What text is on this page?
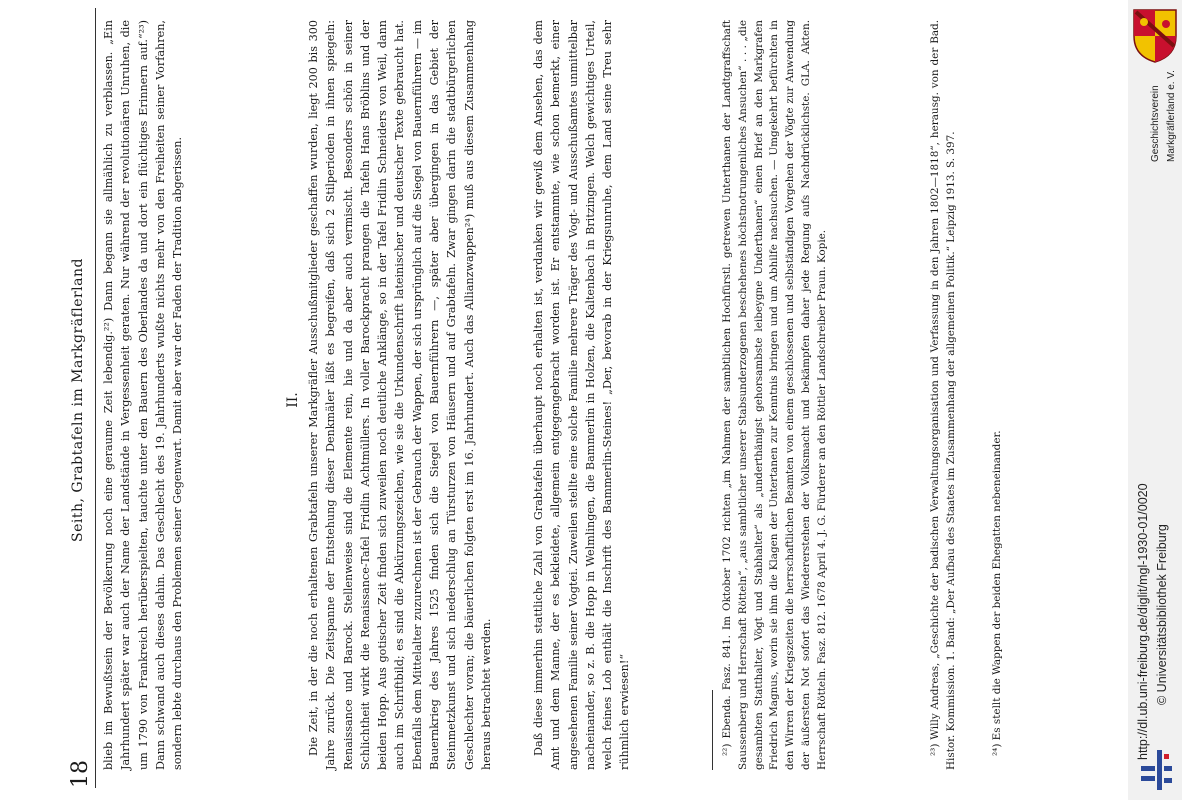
18
Seith, Grabtafeln im Markgräflerland blieb im Bewußtsein der Bevölkerung noch eine geraume Zeit lebendig.²²) Dann begann sie allmählich zu verblassen. „Ein Jahrhundert später war auch der Name der Landstände in Vergessenheit geraten. Nur während der revolutionären Unruhen, die um 1790 von Frankreich herüberspielten, tauchte unter den Bauern des Oberlandes da und dort ein flüchtiges Erinnern auf.“²³) Dann schwand auch dieses dahin. Das Geschlecht des 19. Jahrhunderts wußte nichts mehr von den Freiheiten seiner Vorfahren, sondern lebte durchaus den Problemen seiner Gegenwart. Damit aber war der Faden der Tradition abgerissen.	II. Die Zeit, in der die noch erhaltenen Grabtafeln unserer Markgräfler Ausschußmitglieder geschaffen wurden, liegt 200 bis 300 Jahre zurück. Die Zeitspanne der Entstehung dieser Denkmäler läßt es begreifen, daß sich 2 Stilperioden in ihnen spiegeln: Renaissance und Barock. Stellenweise sind die Elemente rein, hie und da aber auch vermischt. Besonders schön in seiner Schlichtheit wirkt die Renaissance-Tafel Fridlin Achtmüllers. In voller Barockpracht prangen die Tafeln Hans Bröblins und der beiden Hopp. Aus gotischer Zeit finden sich zuweilen noch deutliche Anklänge, so in der Tafel Fridlin Schneiders von Weil, dann auch im Schriftbild; es sind die Abkürzungszeichen, wie sie die Urkundenschrift lateinischer und deutscher Texte gebraucht hat. Ebenfalls dem Mittelalter zuzurechnen ist der Gebrauch der Wappen, der sich ursprünglich auf die Siegel von Bauernführern — im Bauernkrieg des Jahres 1525 finden sich die Siegel von Bauernführern —, später aber übergingen in das Gebiet der Steinmetzkunst und sich niederschlug an Türsturzen von Häusern und auf Grabtafeln. Zwar gingen darin die stadtbürgerlichen Geschlechter voran; die bäuerlichen folgten erst im 16. Jahrhundert. Auch das Allianzwappen²⁴) muß aus diesem Zusammenhang heraus betrachtet werden.	Daß diese immerhin stattliche Zahl von Grabtafeln überhaupt noch erhalten ist, verdanken wir gewiß dem Ansehen, das dem Amt und dem Manne, der es bekleidete, allgemein entgegengebracht worden ist. Er entstammte, wie schon bemerkt, einer angesehenen Familie seiner Vogtei. Zuweilen stellte eine solche Familie mehrere Träger des Vogt- und Ausschußamtes unmittelbar nacheinander, so z. B. die Hopp in Welmlingen, die Bammerlin in Holzen, die Kaltenbach in Britzingen. Welch gewichtiges Urteil, welch feines Lob enthält die Inschrift des Bammerlin-Steines! „Der, bevorab in der Kriegsunruhe, dem Land seine Treu sehr rühmlich erwiesen!“	²²) Ebenda. Fasz. 841. Im Oktober 1702 richten „im Nahmen der sambtlichen Hochfürstl. getrewen Unterthanen der Landtgraffschaft Saussenberg und Herrschaft Rötteln“, „aus sambtlicher unserer Stabsunderzogenen beschehenes höchstnotrungenliches Ansuchen“ . . . „die gesambten Statthalter, Vögt und Stabhalter“ als „underthänigst gehorsambste leibeygne Underthanen“ einen Brief an den Markgrafen Friedrich Magnus, worin sie ihm die Klagen der Untertanen zur Kenntnis bringen und um Abhilfe nachsuchen. — Umgekehrt befürchten in den Wirren der Kriegszeiten die herrschaftlichen Beamten von einem geschlossenen und selbständigen Vorgehen der Vögte zur Anwendung der äußersten Not sofort das Wiedererstehen der Volksmacht und bekämpfen daher jede Regung aufs Nachdrücklichste. GLA. Akten. Herrschaft Rötteln. Fasz. 812. 1678 April 4. J. G. Fürderer an den Röttler Landschreiber Praun. Kopie.	²³) Willy Andreas, „Geschichte der badischen Verwaltungsorganisation und Verfassung in den Jahren 1802—1818“, herausg. von der Bad. Histor. Kommission. 1. Band: „Der Aufbau des Staates im Zusammenhang der allgemeinen Politik.“ Leipzig 1913. S. 397.	²⁴) Es stellt die Wappen der beiden Ehegatten nebeneinander.	http://dl.ub.uni-freiburg.de/diglit/mgl-1930-01/0020 © Universitätsbibliothek Freiburg
Geschichtsverein Markgräflerland e. V.
